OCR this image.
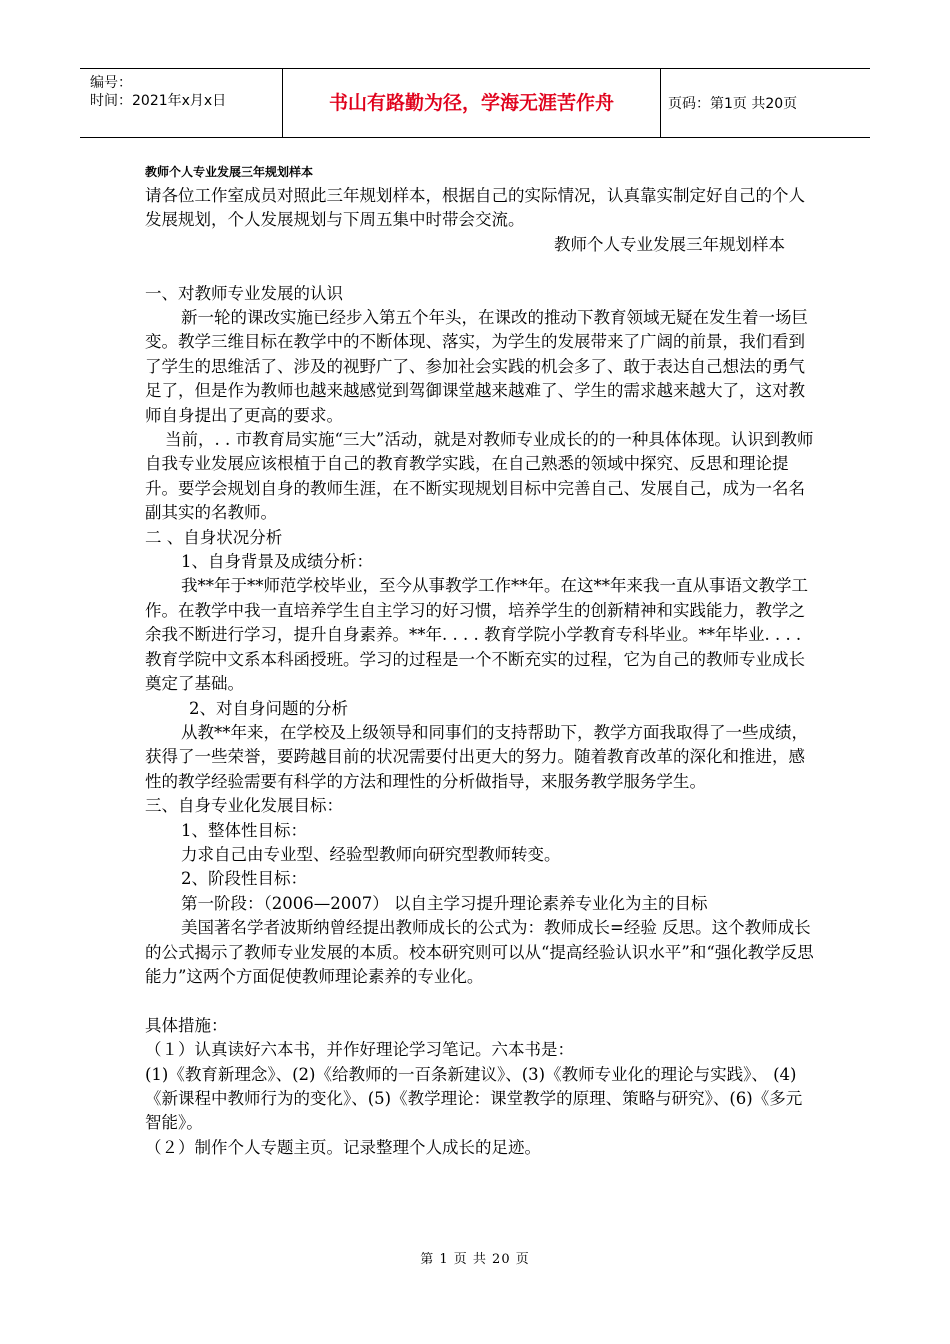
编号：
时间：2021年x月x日	书山有路勤为径，学海无涯苦作舟	页码：第1页 共20页

教师个人专业发展三年规划样本

请各位工作室成员对照此三年规划样本，根据自己的实际情况，认真靠实制定好自己的个人发展规划，个人发展规划与下周五集中时带会交流。

教师个人专业发展三年规划样本

一、对教师专业发展的认识

新一轮的课改实施已经步入第五个年头，在课改的推动下教育领域无疑在发生着一场巨变。教学三维目标在教学中的不断体现、落实，为学生的发展带来了广阔的前景，我们看到了学生的思维活了、涉及的视野广了、参加社会实践的机会多了、敢于表达自己想法的勇气足了，但是作为教师也越来越感觉到驾御课堂越来越难了、学生的需求越来越大了，这对教师自身提出了更高的要求。

当前，. . 市教育局实施“三大”活动，就是对教师专业成长的的一种具体体现。认识到教师自我专业发展应该根植于自己的教育教学实践，在自己熟悉的领域中探究、反思和理论提升。要学会规划自身的教师生涯，在不断实现规划目标中完善自己、发展自己，成为一名名副其实的名教师。

二 、自身状况分析

1、自身背景及成绩分析：

我**年于**师范学校毕业，至今从事教学工作**年。在这**年来我一直从事语文教学工作。在教学中我一直培养学生自主学习的好习惯，培养学生的创新精神和实践能力，教学之余我不断进行学习，提升自身素养。**年. . . . 教育学院小学教育专科毕业。**年毕业. . . . 教育学院中文系本科函授班。学习的过程是一个不断充实的过程，它为自己的教师专业成长奠定了基础。

2、对自身问题的分析

从教**年来，在学校及上级领导和同事们的支持帮助下，教学方面我取得了一些成绩，获得了一些荣誉，要跨越目前的状况需要付出更大的努力。随着教育改革的深化和推进，感性的教学经验需要有科学的方法和理性的分析做指导，来服务教学服务学生。

三、自身专业化发展目标：

1、整体性目标：

力求自己由专业型、经验型教师向研究型教师转变。

2、阶段性目标：

第一阶段：（2006—2007） 以自主学习提升理论素养专业化为主的目标

美国著名学者波斯纳曾经提出教师成长的公式为：教师成长=经验 反思。这个教师成长的公式揭示了教师专业发展的本质。校本研究则可以从“提高经验认识水平”和“强化教学反思能力”这两个方面促使教师理论素养的专业化。

具体措施：

（１）认真读好六本书，并作好理论学习笔记。六本书是：

(1)《教育新理念》、(2)《给教师的一百条新建议》、(3)《教师专业化的理论与实践》、 (4)《新课程中教师行为的变化》、(5)《教学理论：课堂教学的原理、策略与研究》、(6)《多元智能》。

（２）制作个人专题主页。记录整理个人成长的足迹。

第 1 页 共 20 页
